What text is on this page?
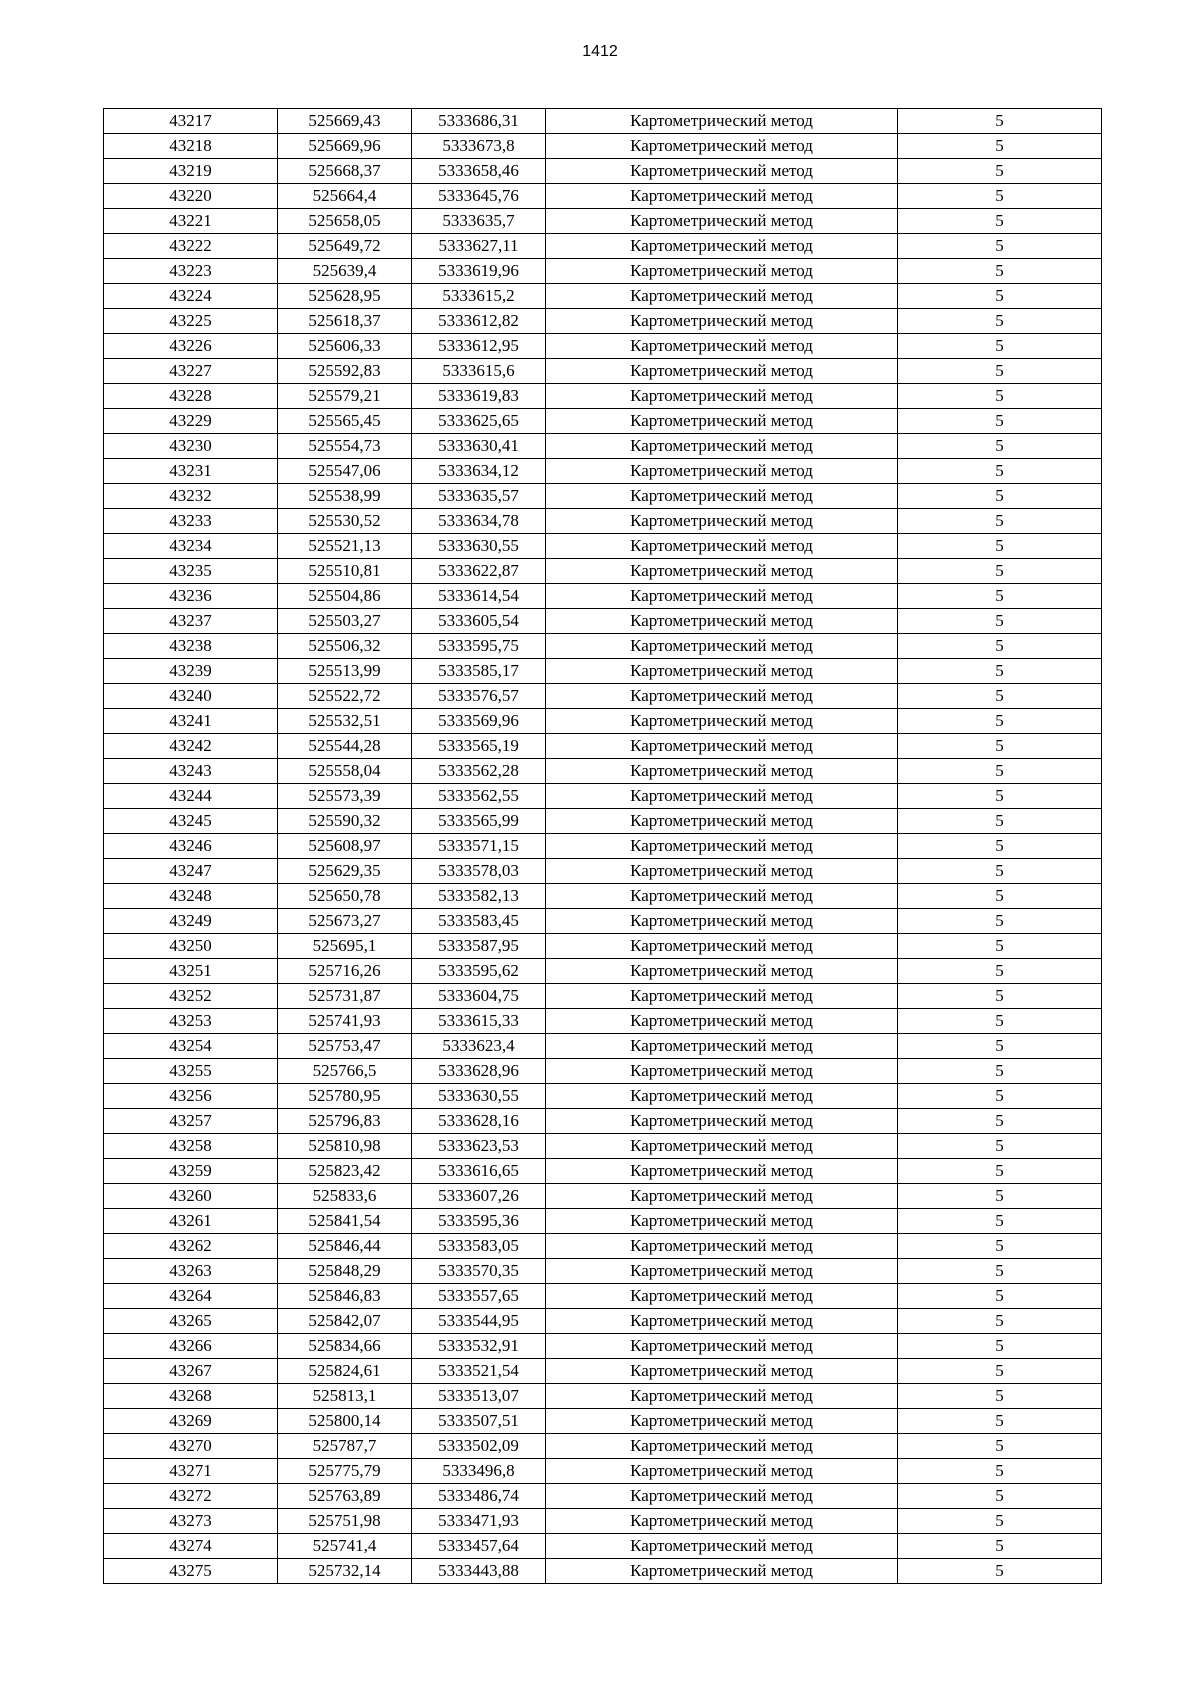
1412
43217	525669,43	5333686,31	Картометрический метод	5
43218	525669,96	5333673,8	Картометрический метод	5
43219	525668,37	5333658,46	Картометрический метод	5
43220	525664,4	5333645,76	Картометрический метод	5
43221	525658,05	5333635,7	Картометрический метод	5
43222	525649,72	5333627,11	Картометрический метод	5
43223	525639,4	5333619,96	Картометрический метод	5
43224	525628,95	5333615,2	Картометрический метод	5
43225	525618,37	5333612,82	Картометрический метод	5
43226	525606,33	5333612,95	Картометрический метод	5
43227	525592,83	5333615,6	Картометрический метод	5
43228	525579,21	5333619,83	Картометрический метод	5
43229	525565,45	5333625,65	Картометрический метод	5
43230	525554,73	5333630,41	Картометрический метод	5
43231	525547,06	5333634,12	Картометрический метод	5
43232	525538,99	5333635,57	Картометрический метод	5
43233	525530,52	5333634,78	Картометрический метод	5
43234	525521,13	5333630,55	Картометрический метод	5
43235	525510,81	5333622,87	Картометрический метод	5
43236	525504,86	5333614,54	Картометрический метод	5
43237	525503,27	5333605,54	Картометрический метод	5
43238	525506,32	5333595,75	Картометрический метод	5
43239	525513,99	5333585,17	Картометрический метод	5
43240	525522,72	5333576,57	Картометрический метод	5
43241	525532,51	5333569,96	Картометрический метод	5
43242	525544,28	5333565,19	Картометрический метод	5
43243	525558,04	5333562,28	Картометрический метод	5
43244	525573,39	5333562,55	Картометрический метод	5
43245	525590,32	5333565,99	Картометрический метод	5
43246	525608,97	5333571,15	Картометрический метод	5
43247	525629,35	5333578,03	Картометрический метод	5
43248	525650,78	5333582,13	Картометрический метод	5
43249	525673,27	5333583,45	Картометрический метод	5
43250	525695,1	5333587,95	Картометрический метод	5
43251	525716,26	5333595,62	Картометрический метод	5
43252	525731,87	5333604,75	Картометрический метод	5
43253	525741,93	5333615,33	Картометрический метод	5
43254	525753,47	5333623,4	Картометрический метод	5
43255	525766,5	5333628,96	Картометрический метод	5
43256	525780,95	5333630,55	Картометрический метод	5
43257	525796,83	5333628,16	Картометрический метод	5
43258	525810,98	5333623,53	Картометрический метод	5
43259	525823,42	5333616,65	Картометрический метод	5
43260	525833,6	5333607,26	Картометрический метод	5
43261	525841,54	5333595,36	Картометрический метод	5
43262	525846,44	5333583,05	Картометрический метод	5
43263	525848,29	5333570,35	Картометрический метод	5
43264	525846,83	5333557,65	Картометрический метод	5
43265	525842,07	5333544,95	Картометрический метод	5
43266	525834,66	5333532,91	Картометрический метод	5
43267	525824,61	5333521,54	Картометрический метод	5
43268	525813,1	5333513,07	Картометрический метод	5
43269	525800,14	5333507,51	Картометрический метод	5
43270	525787,7	5333502,09	Картометрический метод	5
43271	525775,79	5333496,8	Картометрический метод	5
43272	525763,89	5333486,74	Картометрический метод	5
43273	525751,98	5333471,93	Картометрический метод	5
43274	525741,4	5333457,64	Картометрический метод	5
43275	525732,14	5333443,88	Картометрический метод	5
